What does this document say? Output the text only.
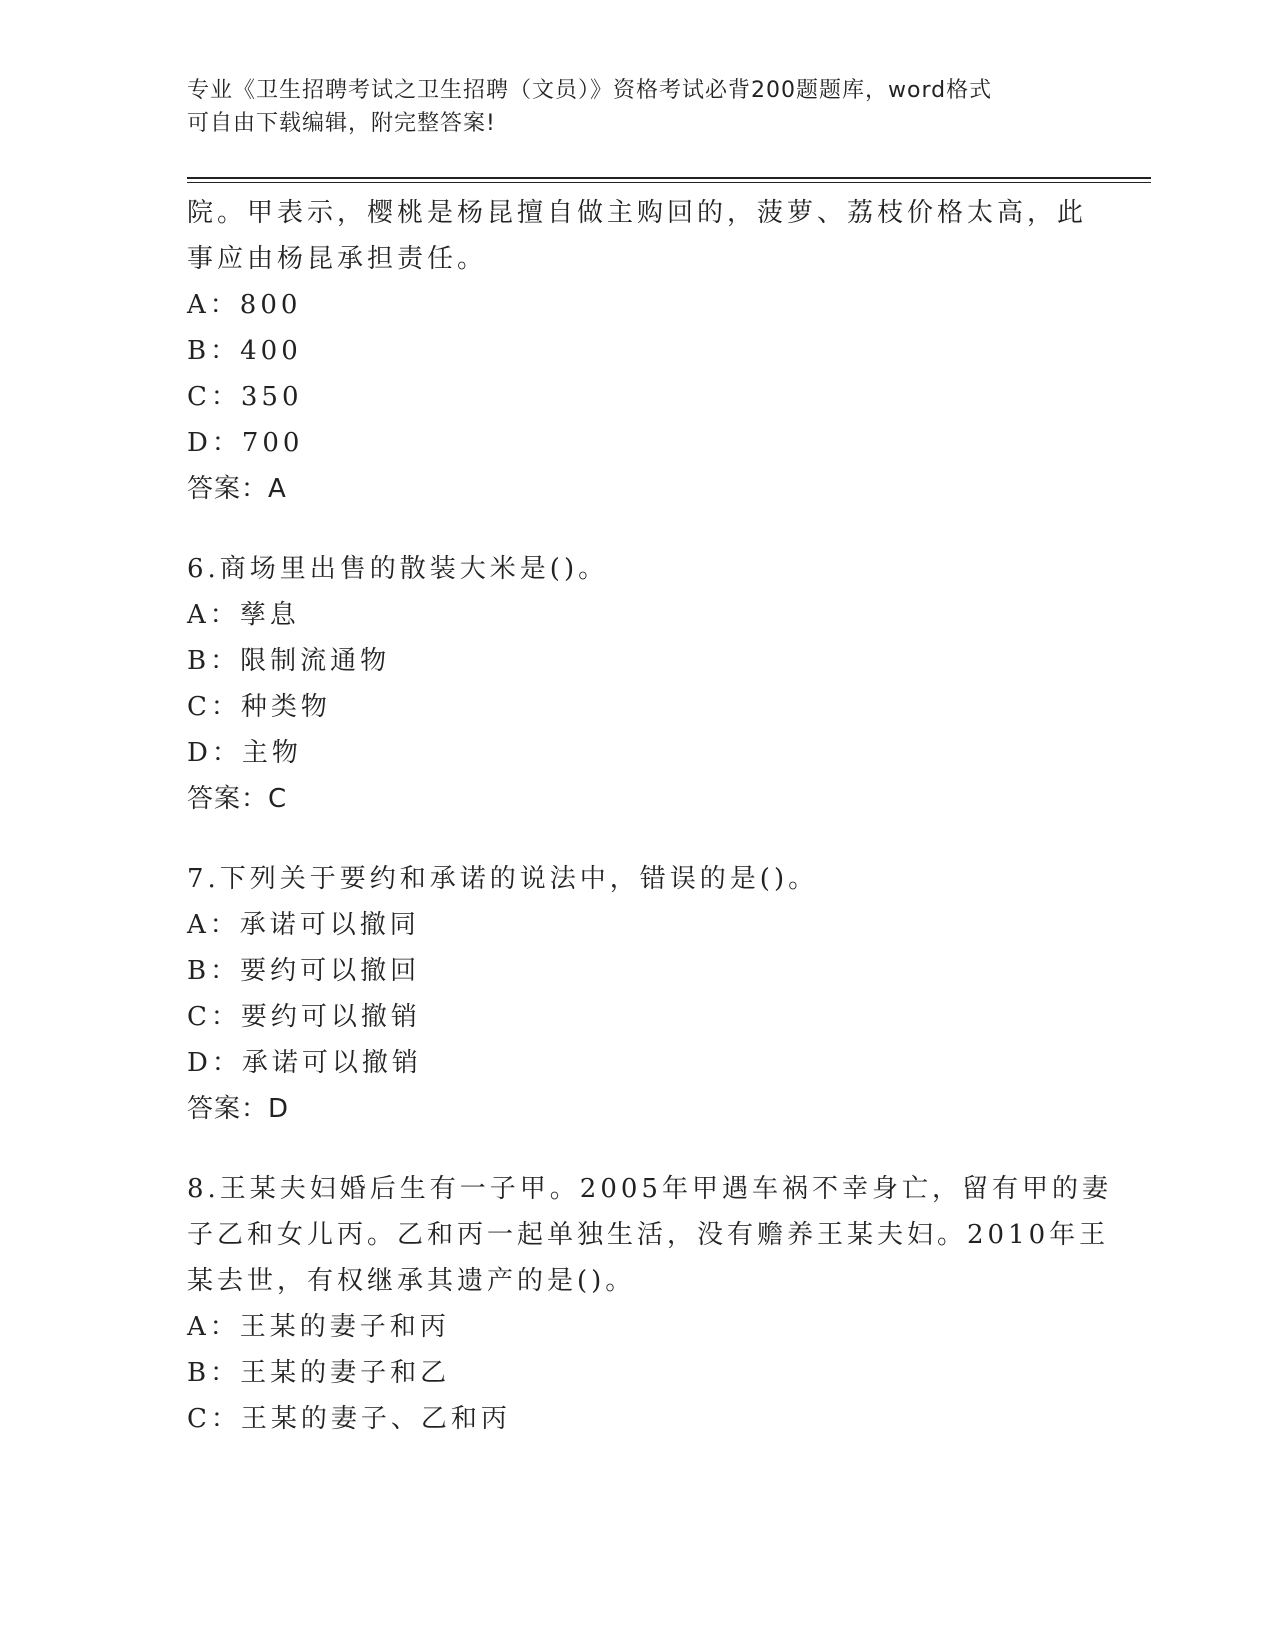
专业《卫生招聘考试之卫生招聘（文员）》资格考试必背200题题库，word格式
可自由下载编辑，附完整答案!
院。甲表示，樱桃是杨昆擅自做主购回的，菠萝、荔枝价格太高，此
事应由杨昆承担责任。
A：800
B：400
C：350
D：700
答案：A
6.商场里出售的散装大米是()。
A：孳息
B：限制流通物
C：种类物
D：主物
答案：C
7.下列关于要约和承诺的说法中，错误的是()。
A：承诺可以撤同
B：要约可以撤回
C：要约可以撤销
D：承诺可以撤销
答案：D
8.王某夫妇婚后生有一子甲。2005年甲遇车祸不幸身亡，留有甲的妻
子乙和女儿丙。乙和丙一起单独生活，没有赡养王某夫妇。2010年王
某去世，有权继承其遗产的是()。
A：王某的妻子和丙
B：王某的妻子和乙
C：王某的妻子、乙和丙
